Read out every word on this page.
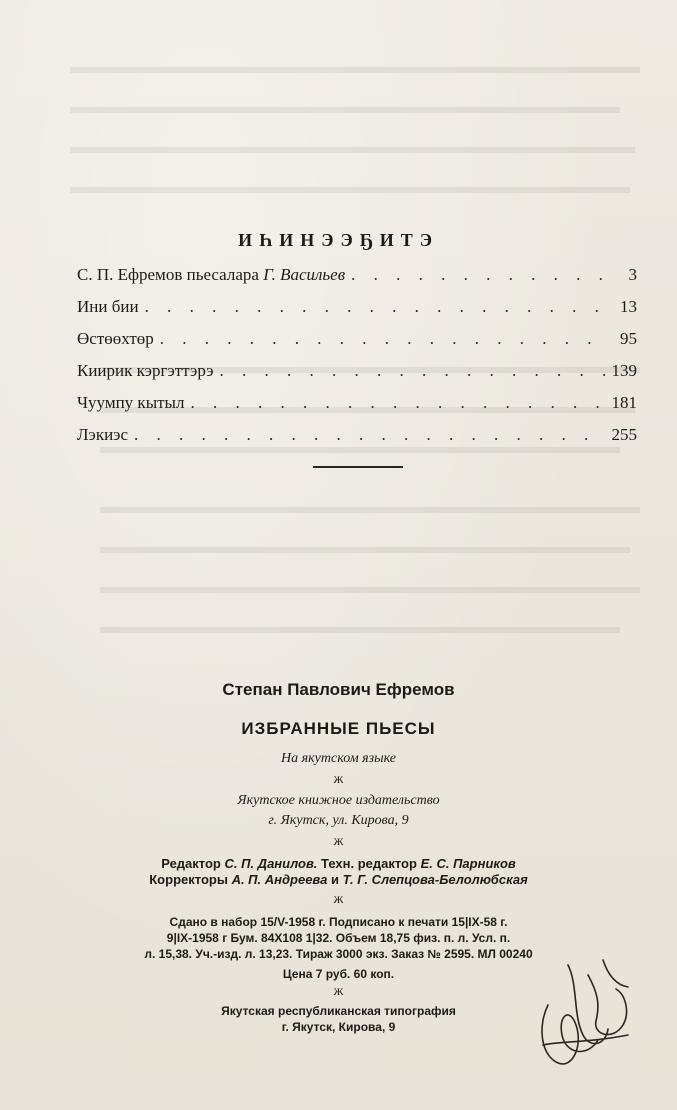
ИҺИНЭЭҔИТЭ
С. П. Ефремов пьесалара Г. Васильев . . .	3
Ини бии . . .	13
Өстөөхтөр . . .	95
Киирик кэргэттэрэ . . .	139
Чуумпу кытыл . . .	181
Лэкиэс . . .	255
Степан Павлович Ефремов
ИЗБРАННЫЕ ПЬЕСЫ
На якутском языке
ж
Якутское книжное издательство
г. Якутск, ул. Кирова, 9
ж
Редактор С. П. Данилов. Техн. редактор Е. С. Парников
Корректоры А. П. Андреева и Т. Г. Слепцова-Белолюбская
ж
Сдано в набор 15/V-1958 г. Подписано к печати 15|IX-58 г.
9|IX-1958 г Бум. 84X108 1|32. Объем 18,75 физ. п. л. Усл. п.
л. 15,38. Уч.-изд. л. 13,23. Тираж 3000 экз. Заказ № 2595. МЛ 00240
Цена 7 руб. 60 коп.
ж
Якутская республиканская типография
г. Якутск, Кирова, 9
